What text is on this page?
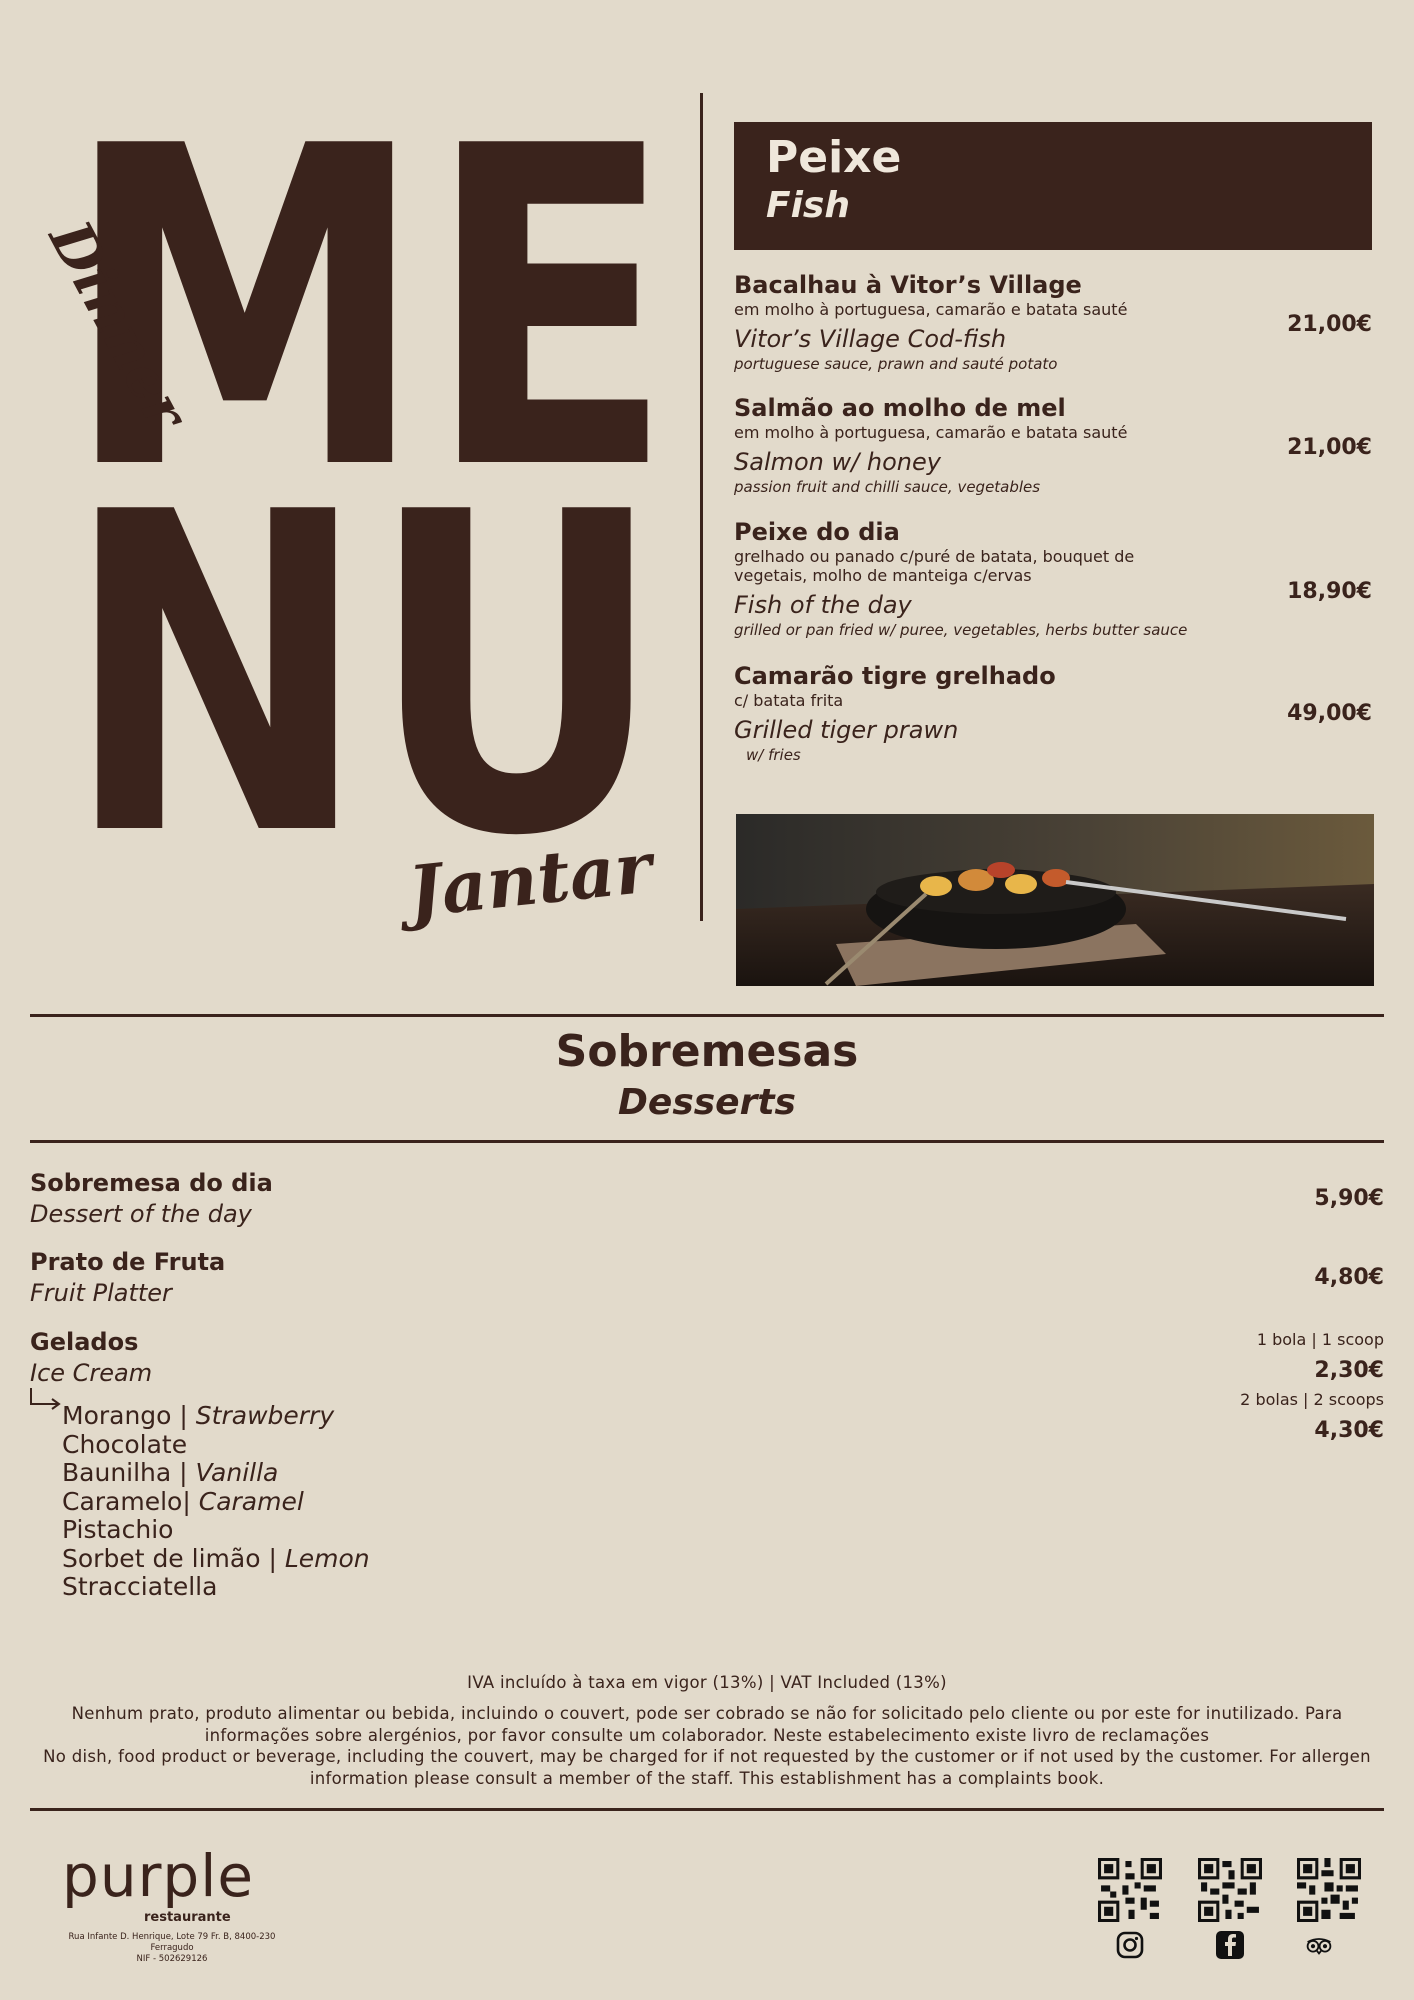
ME
NU
Dinner
Jantar
Peixe
Fish
Bacalhau à Vitor’s Village
em molho à portuguesa, camarão e batata sauté
Vitor’s Village Cod-fish
portuguese sauce, prawn and sauté potato
21,00€
Salmão ao molho de mel
em molho à portuguesa, camarão e batata sauté
Salmon w/ honey
passion fruit and chilli sauce, vegetables
21,00€
Peixe do dia
grelhado ou panado c/puré de batata, bouquet de vegetais, molho de manteiga c/ervas
Fish of the day
grilled or pan fried w/ puree, vegetables, herbs butter sauce
18,90€
Camarão tigre grelhado
c/ batata frita
Grilled tiger prawn
w/ fries
49,00€
Sobremesas
Desserts
Sobremesa do dia
Dessert of the day
5,90€
Prato de Fruta
Fruit Platter
4,80€
Gelados
Ice Cream
1 bola | 1 scoop
2,30€
2 bolas | 2 scoops
4,30€
Morango | Strawberry
Chocolate
Baunilha | Vanilla
Caramelo| Caramel
Pistachio
Sorbet de limão | Lemon
Stracciatella
IVA incluído à taxa em vigor (13%) | VAT Included (13%)
Nenhum prato, produto alimentar ou bebida, incluindo o couvert, pode ser cobrado se não for solicitado pelo cliente ou por este for inutilizado. Para informações sobre alergénios, por favor consulte um colaborador. Neste estabelecimento existe livro de reclamações
No dish, food product or beverage, including the couvert, may be charged for if not requested by the customer or if not used by the customer. For allergen information please consult a member of the staff. This establishment has a complaints book.
purple
restaurante
Rua Infante D. Henrique, Lote 79 Fr. B, 8400-230
Ferragudo
NIF - 502629126
